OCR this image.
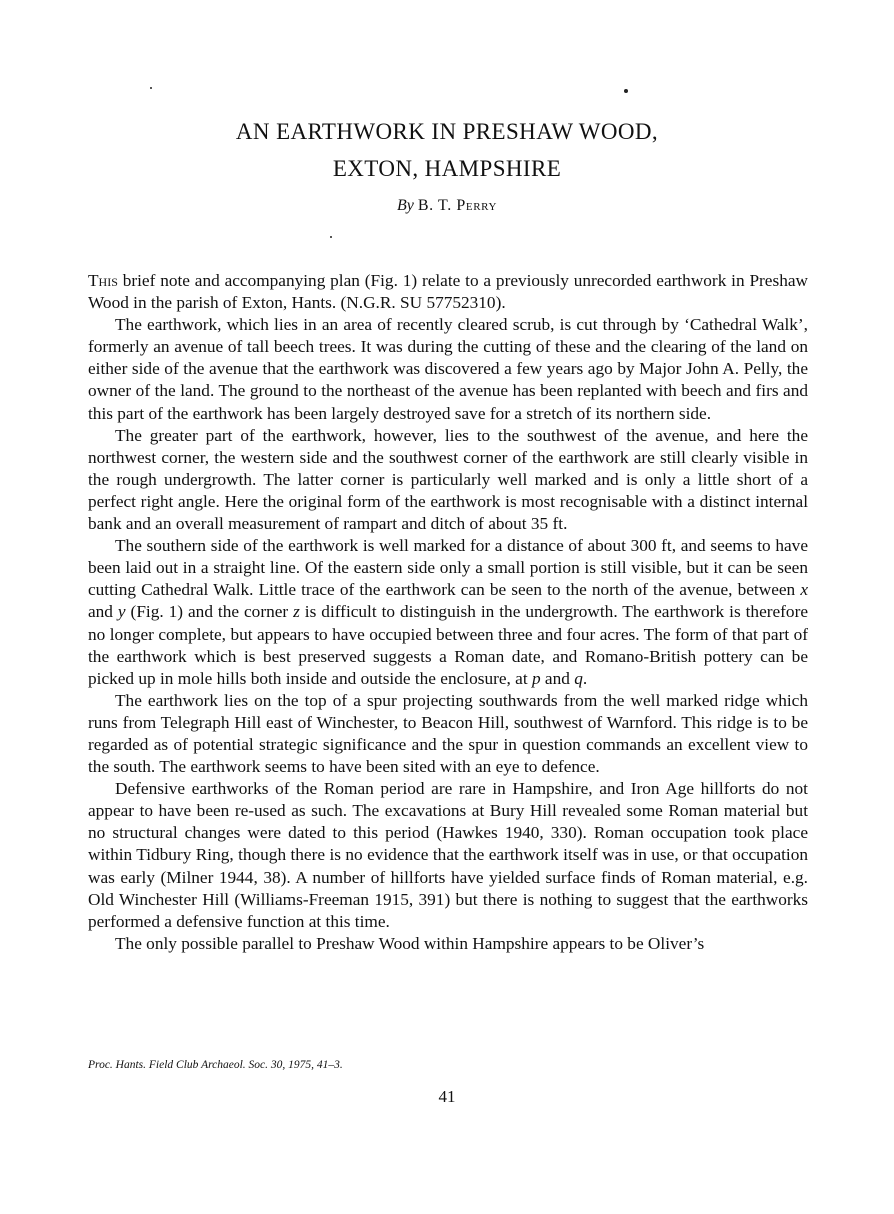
AN EARTHWORK IN PRESHAW WOOD,
EXTON, HAMPSHIRE

By B. T. Perry

This brief note and accompanying plan (Fig. 1) relate to a previously unrecorded earthwork in Preshaw Wood in the parish of Exton, Hants. (N.G.R. SU 57752310).

The earthwork, which lies in an area of recently cleared scrub, is cut through by ‘Cathedral Walk’, formerly an avenue of tall beech trees. It was during the cutting of these and the clearing of the land on either side of the avenue that the earthwork was discovered a few years ago by Major John A. Pelly, the owner of the land. The ground to the northeast of the avenue has been replanted with beech and firs and this part of the earthwork has been largely destroyed save for a stretch of its northern side.

The greater part of the earthwork, however, lies to the southwest of the avenue, and here the northwest corner, the western side and the southwest corner of the earthwork are still clearly visible in the rough undergrowth. The latter corner is particularly well marked and is only a little short of a perfect right angle. Here the original form of the earthwork is most recognisable with a distinct internal bank and an overall measurement of rampart and ditch of about 35 ft.

The southern side of the earthwork is well marked for a distance of about 300 ft, and seems to have been laid out in a straight line. Of the eastern side only a small portion is still visible, but it can be seen cutting Cathedral Walk. Little trace of the earthwork can be seen to the north of the avenue, between x and y (Fig. 1) and the corner z is difficult to distinguish in the undergrowth. The earthwork is therefore no longer complete, but appears to have occupied between three and four acres. The form of that part of the earthwork which is best preserved suggests a Roman date, and Romano-British pottery can be picked up in mole hills both inside and outside the enclosure, at p and q.

The earthwork lies on the top of a spur projecting southwards from the well marked ridge which runs from Telegraph Hill east of Winchester, to Beacon Hill, southwest of Warnford. This ridge is to be regarded as of potential strategic significance and the spur in question commands an excellent view to the south. The earthwork seems to have been sited with an eye to defence.

Defensive earthworks of the Roman period are rare in Hampshire, and Iron Age hillforts do not appear to have been re-used as such. The excavations at Bury Hill revealed some Roman material but no structural changes were dated to this period (Hawkes 1940, 330). Roman occupation took place within Tidbury Ring, though there is no evidence that the earthwork itself was in use, or that occupation was early (Milner 1944, 38). A number of hillforts have yielded surface finds of Roman material, e.g. Old Winchester Hill (Williams-Freeman 1915, 391) but there is nothing to suggest that the earthworks performed a defensive function at this time.

The only possible parallel to Preshaw Wood within Hampshire appears to be Oliver’s

Proc. Hants. Field Club Archaeol. Soc. 30, 1975, 41–3.
41
